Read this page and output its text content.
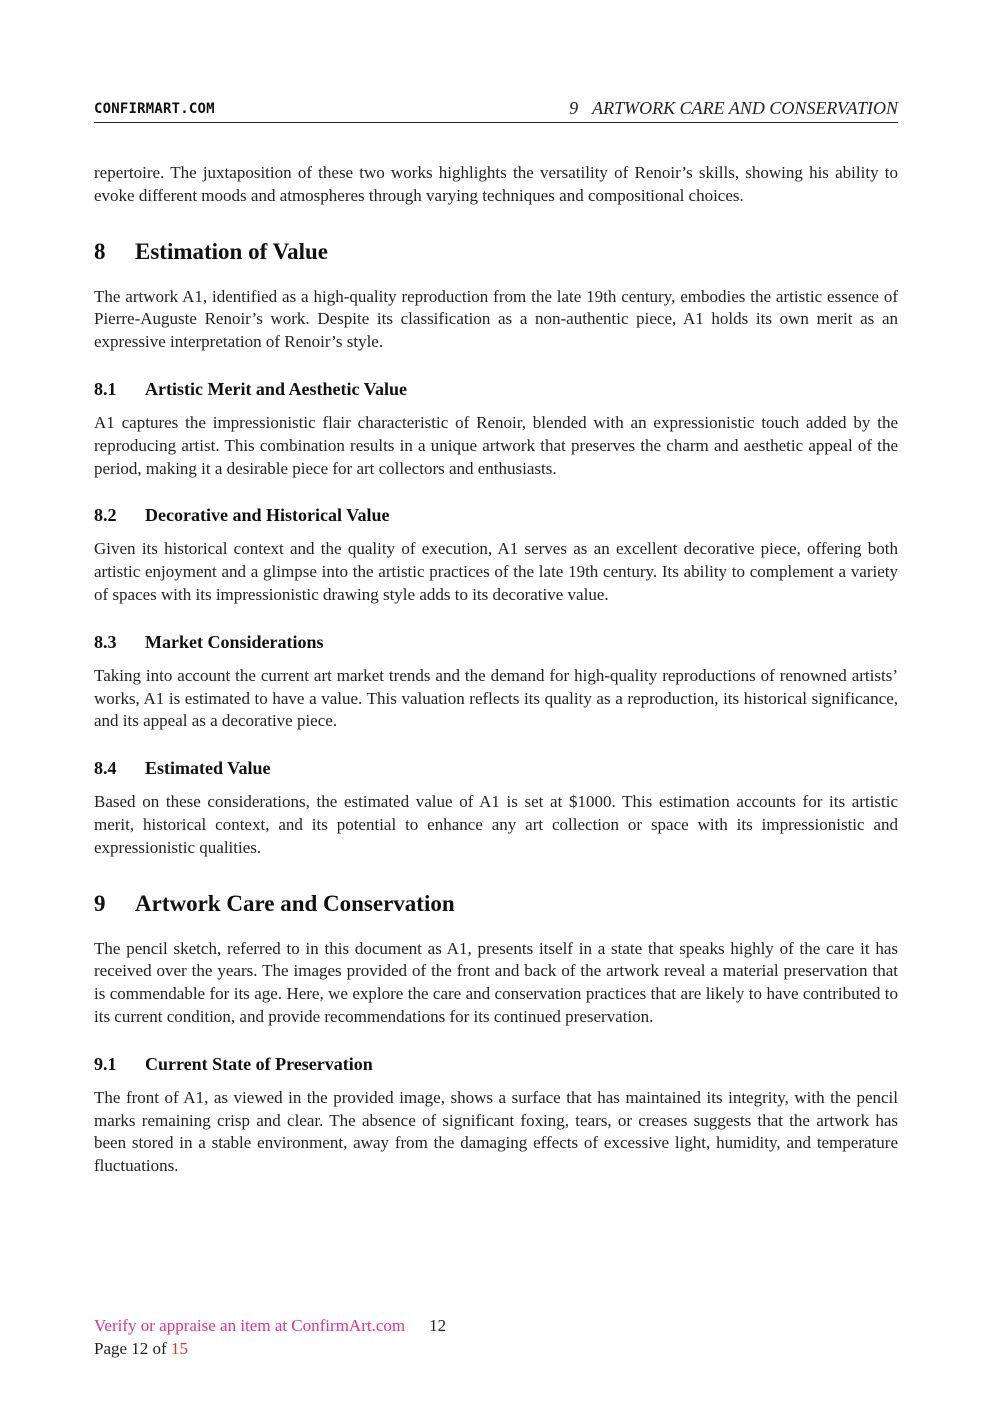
CONFIRMART.COM	9 ARTWORK CARE AND CONSERVATION

repertoire. The juxtaposition of these two works highlights the versatility of Renoir’s skills, showing his ability to evoke different moods and atmospheres through varying techniques and compositional choices.

8 Estimation of Value

The artwork A1, identified as a high-quality reproduction from the late 19th century, embodies the artistic essence of Pierre-Auguste Renoir’s work. Despite its classification as a non-authentic piece, A1 holds its own merit as an expressive interpretation of Renoir’s style.

8.1 Artistic Merit and Aesthetic Value

A1 captures the impressionistic flair characteristic of Renoir, blended with an expressionistic touch added by the reproducing artist. This combination results in a unique artwork that preserves the charm and aesthetic appeal of the period, making it a desirable piece for art collectors and enthusiasts.

8.2 Decorative and Historical Value

Given its historical context and the quality of execution, A1 serves as an excellent decorative piece, offering both artistic enjoyment and a glimpse into the artistic practices of the late 19th century. Its ability to complement a variety of spaces with its impressionistic drawing style adds to its decorative value.

8.3 Market Considerations

Taking into account the current art market trends and the demand for high-quality reproductions of renowned artists’ works, A1 is estimated to have a value. This valuation reflects its quality as a reproduction, its historical significance, and its appeal as a decorative piece.

8.4 Estimated Value

Based on these considerations, the estimated value of A1 is set at $1000. This estimation accounts for its artistic merit, historical context, and its potential to enhance any art collection or space with its impressionistic and expressionistic qualities.

9 Artwork Care and Conservation

The pencil sketch, referred to in this document as A1, presents itself in a state that speaks highly of the care it has received over the years. The images provided of the front and back of the artwork reveal a material preservation that is commendable for its age. Here, we explore the care and conservation practices that are likely to have contributed to its current condition, and provide recommendations for its continued preservation.

9.1 Current State of Preservation

The front of A1, as viewed in the provided image, shows a surface that has maintained its integrity, with the pencil marks remaining crisp and clear. The absence of significant foxing, tears, or creases suggests that the artwork has been stored in a stable environment, away from the damaging effects of excessive light, humidity, and temperature fluctuations.

Verify or appraise an item at ConfirmArt.com 12
Page 12 of 15
